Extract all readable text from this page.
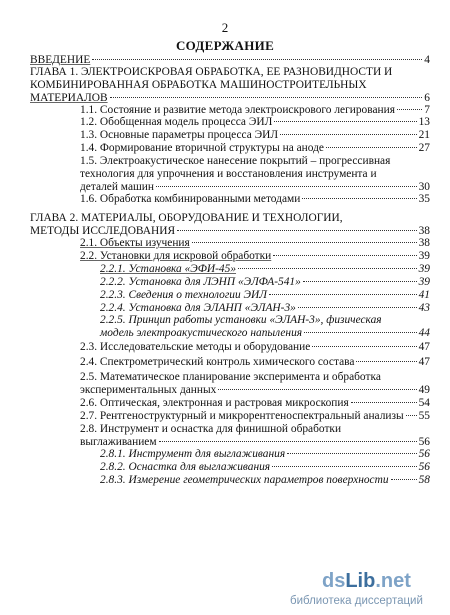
2
СОДЕРЖАНИЕ
ВВЕДЕНИЕ	4
ГЛАВА 1. ЭЛЕКТРОИСКРОВАЯ ОБРАБОТКА, ЕЕ РАЗНОВИДНОСТИ И
КОМБИНИРОВАННАЯ ОБРАБОТКА МАШИНОСТРОИТЕЛЬНЫХ
МАТЕРИАЛОВ	6
1.1. Состояние и развитие метода электроискрового легирования	7
1.2. Обобщенная модель процесса ЭИЛ	13
1.3. Основные параметры процесса ЭИЛ	21
1.4. Формирование вторичной структуры на аноде	27
1.5. Электроакустическое нанесение покрытий – прогрессивная
технология для упрочнения и восстановления инструмента и
деталей машин	30
1.6. Обработка комбинированными методами	35
ГЛАВА 2. МАТЕРИАЛЫ, ОБОРУДОВАНИЕ И ТЕХНОЛОГИИ,
МЕТОДЫ ИССЛЕДОВАНИЯ	38
2.1. Объекты изучения	38
2.2. Установки для искровой обработки	39
2.2.1. Установка «ЭФИ-45»	39
2.2.2. Установка для ЛЭНП «ЭЛФА-541»	39
2.2.3. Сведения о технологии ЭИЛ	41
2.2.4. Установка для ЭЛАНП «ЭЛАН-3»	43
2.2.5. Принцип работы установки «ЭЛАН-3», физическая
модель электроакустического напыления	44
2.3. Исследовательские методы и оборудование	47
2.4. Спектрометрический контроль химического состава	47
2.5. Математическое планирование эксперимента и обработка
экспериментальных данных	49
2.6. Оптическая, электронная и растровая микроскопия	54
2.7. Рентгеноструктурный и микрорентгеноспектральный анализы 55
2.8. Инструмент и оснастка для финишной обработки
выглаживанием	56
2.8.1. Инструмент для выглаживания	56
2.8.2. Оснастка для выглаживания	56
2.8.3. Измерение геометрических параметров поверхности	58
dsLib.net
библиотека диссертаций
